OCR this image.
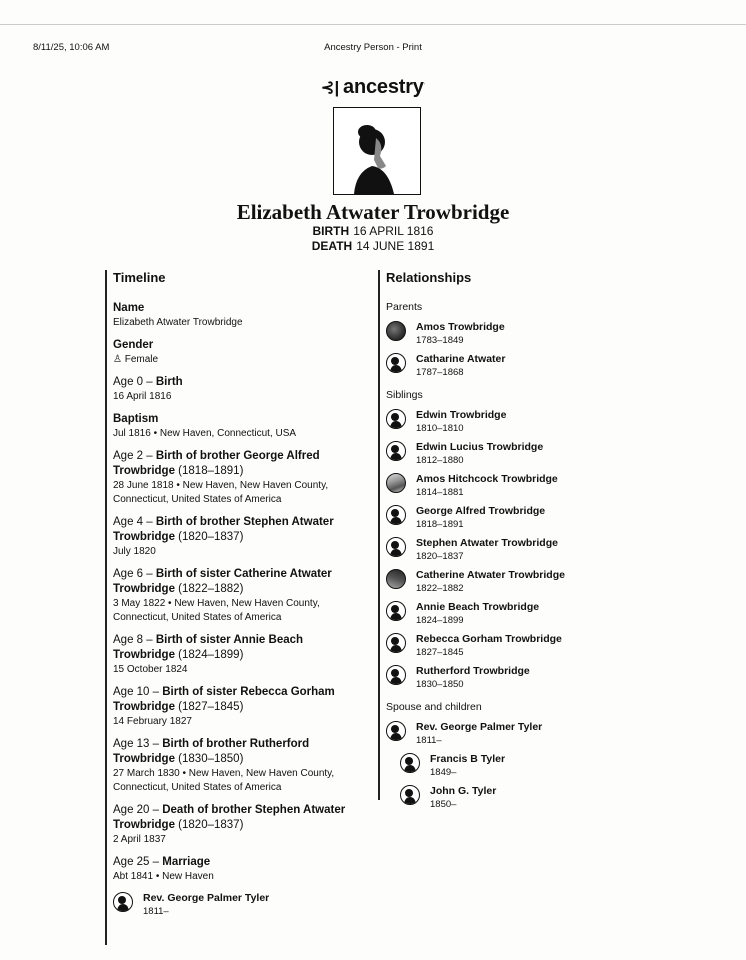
8/11/25, 10:06 AM	Ancestry Person - Print
⊰| ancestry·
Elizabeth Atwater Trowbridge
BIRTH 16 APRIL 1816
DEATH 14 JUNE 1891
Timeline
Name
Elizabeth Atwater Trowbridge
Gender
♙ Female
Age 0 – Birth
16 April 1816
Baptism
Jul 1816 • New Haven, Connecticut, USA
Age 2 – Birth of brother George Alfred Trowbridge (1818–1891)
28 June 1818 • New Haven, New Haven County, Connecticut, United States of America
Age 4 – Birth of brother Stephen Atwater Trowbridge (1820–1837)
July 1820
Age 6 – Birth of sister Catherine Atwater Trowbridge (1822–1882)
3 May 1822 • New Haven, New Haven County, Connecticut, United States of America
Age 8 – Birth of sister Annie Beach Trowbridge (1824–1899)
15 October 1824
Age 10 – Birth of sister Rebecca Gorham Trowbridge (1827–1845)
14 February 1827
Age 13 – Birth of brother Rutherford Trowbridge (1830–1850)
27 March 1830 • New Haven, New Haven County, Connecticut, United States of America
Age 20 – Death of brother Stephen Atwater Trowbridge (1820–1837)
2 April 1837
Age 25 – Marriage
Abt 1841 • New Haven
Rev. George Palmer Tyler
1811–
Relationships
Parents
Amos Trowbridge
1783–1849
Catharine Atwater
1787–1868
Siblings
Edwin Trowbridge
1810–1810
Edwin Lucius Trowbridge
1812–1880
Amos Hitchcock Trowbridge
1814–1881
George Alfred Trowbridge
1818–1891
Stephen Atwater Trowbridge
1820–1837
Catherine Atwater Trowbridge
1822–1882
Annie Beach Trowbridge
1824–1899
Rebecca Gorham Trowbridge
1827–1845
Rutherford Trowbridge
1830–1850
Spouse and children
Rev. George Palmer Tyler
1811–
Francis B Tyler
1849–
John G. Tyler
1850–
